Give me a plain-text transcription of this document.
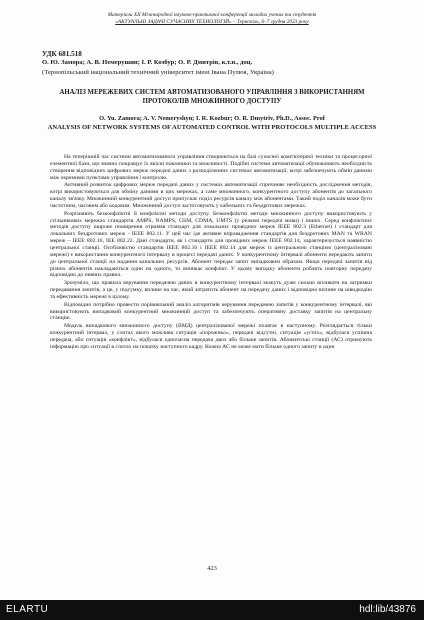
Матеріали XII Міжнародної науково-практичної конференції молодих учених та студентів
«АКТУАЛЬНІ ЗАДАЧІ СУЧАСНИХ ТЕХНОЛОГІЙ» – Тернопіль, 6–7 грудня 2023 року
УДК 681.518
О. Ю. Замора; А. В. Немерушин; І. Р. Козбур; О. Р. Дмитрів, к.т.н., доц.
(Тернопільський національний технічний університет імені Івана Пулюя, Україна)
АНАЛІЗ МЕРЕЖЕВИХ СИСТЕМ АВТОМАТИЗОВАНОГО УПРАВЛІННЯ З ВИКОРИСТАННЯМ ПРОТОКОЛІВ МНОЖИННОГО ДОСТУПУ
O. Yu. Zamora; A. V. Nemeryshyn; I. R. Kozbur; O. R. Dmytriv, Ph.D., Assoc. Prof
ANALYSIS OF NETWORK SYSTEMS OF AUTOMATED CONTROL WITH PROTOCOLS MULTIPLE ACCESS

На теперішній час системи автоматизованого управління створюються на базі сучасної комп'ютерної техніки та процесорної елементної бази, що значно покращує їх якісні показники та можливості. Подібні системи автоматизації обумовлюють необхідність створення відповідних цифрових мереж передачі даних з розподіленних системах автоматизації, котрі забезпечують обмін даними між окремими пунктами управління і контролю.

Активний розвиток цифрових мереж передачі даних у системах автоматизації спричиняє необхідність дослідження методів, котрі використовуються для обміну даними в цих мережах, а саме множинного, конкурентного доступу абонентів до загального каналу зв'язку. Множинний конкурентний доступ припускає поділ ресурсів каналу між абонентами. Такий поділ каналів може бути частотним, часовим або кодовим. Множинний доступ застосовують у кабельних та бездротових мережах.

Розрізняють безконфліктні й конфліктні методи доступу. Безконфліктні методи множинного доступу використовують у стільникових мережах стандартів AMPS, NAMPS, GSM, CDMA, UMTS (у режимі передачі мови) і інших. Серед конфліктних методів доступу широке поширення отримав стандарт для локальних провідних мереж IEEE 802.3 (Ethernet) і стандарт для локальних бездротових мереж - IEEE 802.11. У цей час іде активне впровадження стандартів для бездротових MAN та WRAN мереж – IEEE 802.16, IEE 802.22. Дані стандарти, як і стандарти для провідних мереж IEEE 802.14, характеризується наявністю центральної станції. Особливістю стандартів IEEE 802.16 і IEEE 802.14 для мереж із центральною станцією (централізовані мережі) є використання конкурентного інтервалу в процесі передачі даних. У конкурентному інтервалі абоненти передають запити до центральної станції на надання канальних ресурсів. Абонент передає запит випадковим образом. Якщо передачі запитів від різних абонентів накладаються один на одного, то виникає конфлікт. У цьому випадку абоненти роблять повторну передачу відповідно до певних правил.

Зрозуміло, що правила керування передачею даних в конкурентному інтервалі можуть дуже сильно впливати на затримки передавання запитів, а це, у підсумку, вплине на час, який затратить абонент на передачу даних і відповідно вплине на швидкодію та ефективність мережі в цілому.

Відповідно потрібно провести порівняльний аналіз алгоритмів керування передачею запитів у конкурентному інтервалі, які використовують випадковий конкурентний множинний доступ та забезпечують оперативну доставку запитів на центральну станцію.

Модель випадкового множинного доступу (ВМД) централізованої мережі полягає в наступному. Розглядається тільки конкурентний інтервал, у слотах якого можлива ситуація «порожньо», передачі відсутні, ситуація «успіх», відбулася успішна передача, або ситуація «конфлікт», відбулася одночасна передача двох або більше запитів. Абонентські станції (АС) отримують інформацію про ситуації в слотах на початку наступного кадру. Кожна АС не може мати більше одного запиту в один

423
ELARTU	hdl:lib/43876
